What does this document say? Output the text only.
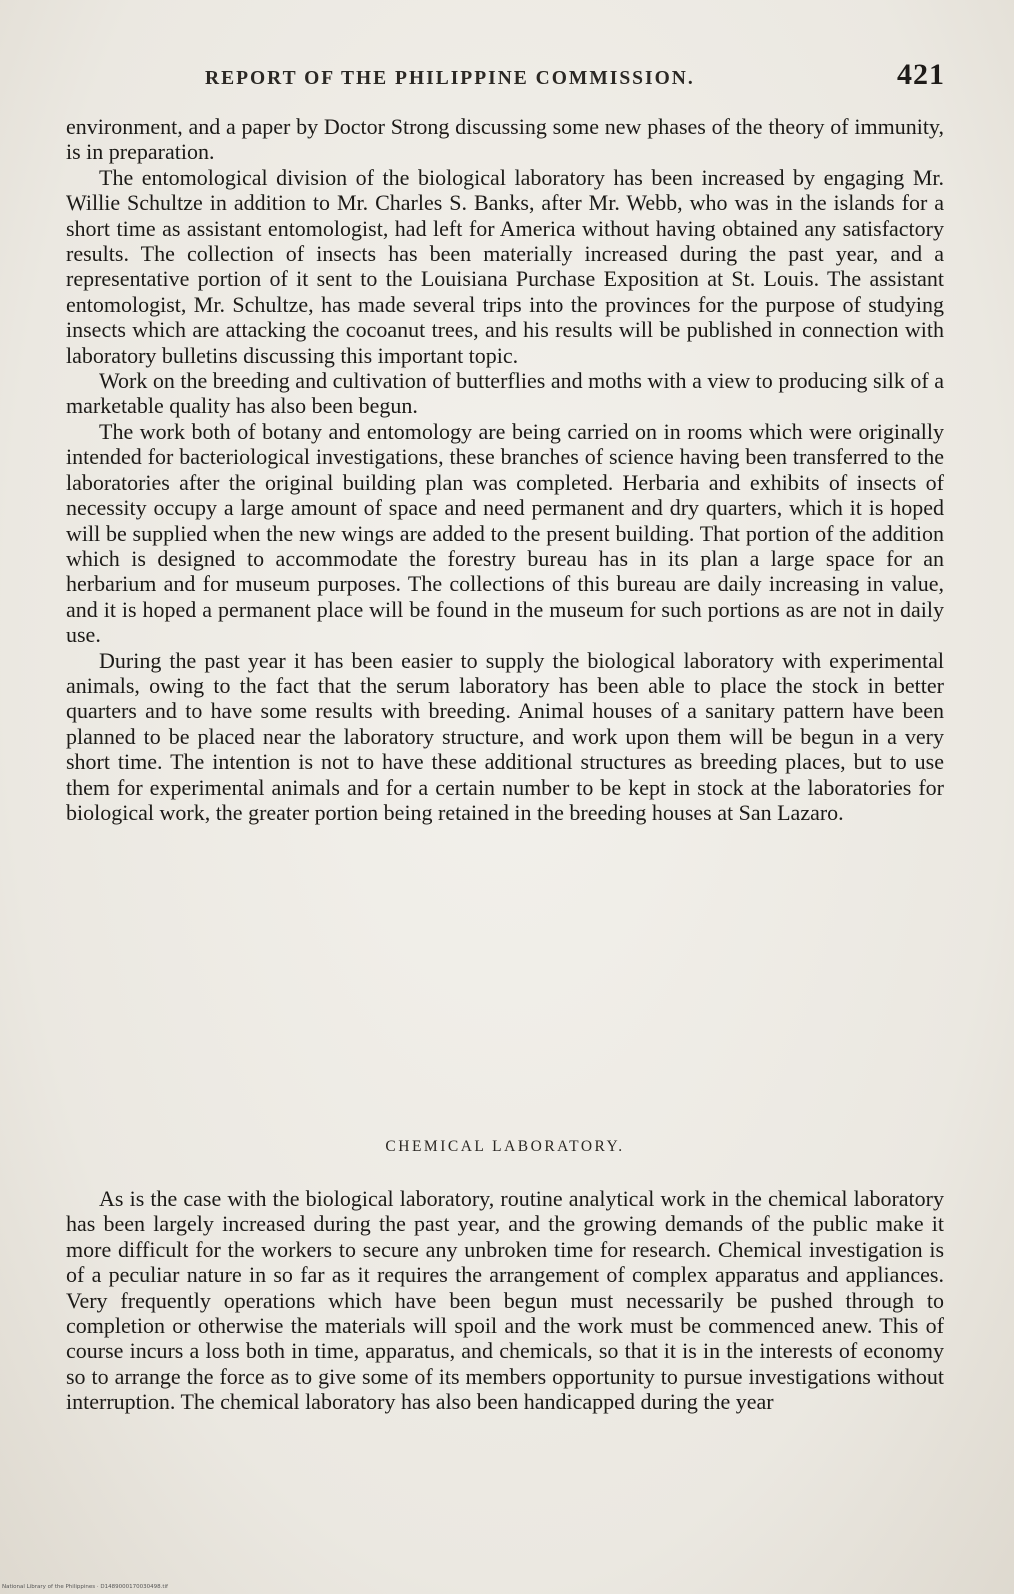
REPORT OF THE PHILIPPINE COMMISSION.	421

environment, and a paper by Doctor Strong discussing some new phases of the theory of immunity, is in preparation.

The entomological division of the biological laboratory has been increased by engaging Mr. Willie Schultze in addition to Mr. Charles S. Banks, after Mr. Webb, who was in the islands for a short time as assistant entomologist, had left for America without having obtained any satisfactory results. The collection of insects has been materially increased during the past year, and a representative portion of it sent to the Louisiana Purchase Exposition at St. Louis. The assistant entomologist, Mr. Schultze, has made several trips into the provinces for the purpose of studying insects which are attacking the cocoanut trees, and his results will be published in connection with laboratory bulletins discussing this important topic.

Work on the breeding and cultivation of butterflies and moths with a view to producing silk of a marketable quality has also been begun.

The work both of botany and entomology are being carried on in rooms which were originally intended for bacteriological investigations, these branches of science having been transferred to the laboratories after the original building plan was completed. Herbaria and exhibits of insects of necessity occupy a large amount of space and need permanent and dry quarters, which it is hoped will be supplied when the new wings are added to the present building. That portion of the addition which is designed to accommodate the forestry bureau has in its plan a large space for an herbarium and for museum purposes. The collections of this bureau are daily increasing in value, and it is hoped a permanent place will be found in the museum for such portions as are not in daily use.

During the past year it has been easier to supply the biological laboratory with experimental animals, owing to the fact that the serum laboratory has been able to place the stock in better quarters and to have some results with breeding. Animal houses of a sanitary pattern have been planned to be placed near the laboratory structure, and work upon them will be begun in a very short time. The intention is not to have these additional structures as breeding places, but to use them for experimental animals and for a certain number to be kept in stock at the laboratories for biological work, the greater portion being retained in the breeding houses at San Lazaro.

CHEMICAL LABORATORY.

As is the case with the biological laboratory, routine analytical work in the chemical laboratory has been largely increased during the past year, and the growing demands of the public make it more difficult for the workers to secure any unbroken time for research. Chemical investigation is of a peculiar nature in so far as it requires the arrangement of complex apparatus and appliances. Very frequently operations which have been begun must necessarily be pushed through to completion or otherwise the materials will spoil and the work must be commenced anew. This of course incurs a loss both in time, apparatus, and chemicals, so that it is in the interests of economy so to arrange the force as to give some of its members opportunity to pursue investigations without interruption. The chemical laboratory has also been handicapped during the year

National Library of the Philippines · D1489000170030498.tif
